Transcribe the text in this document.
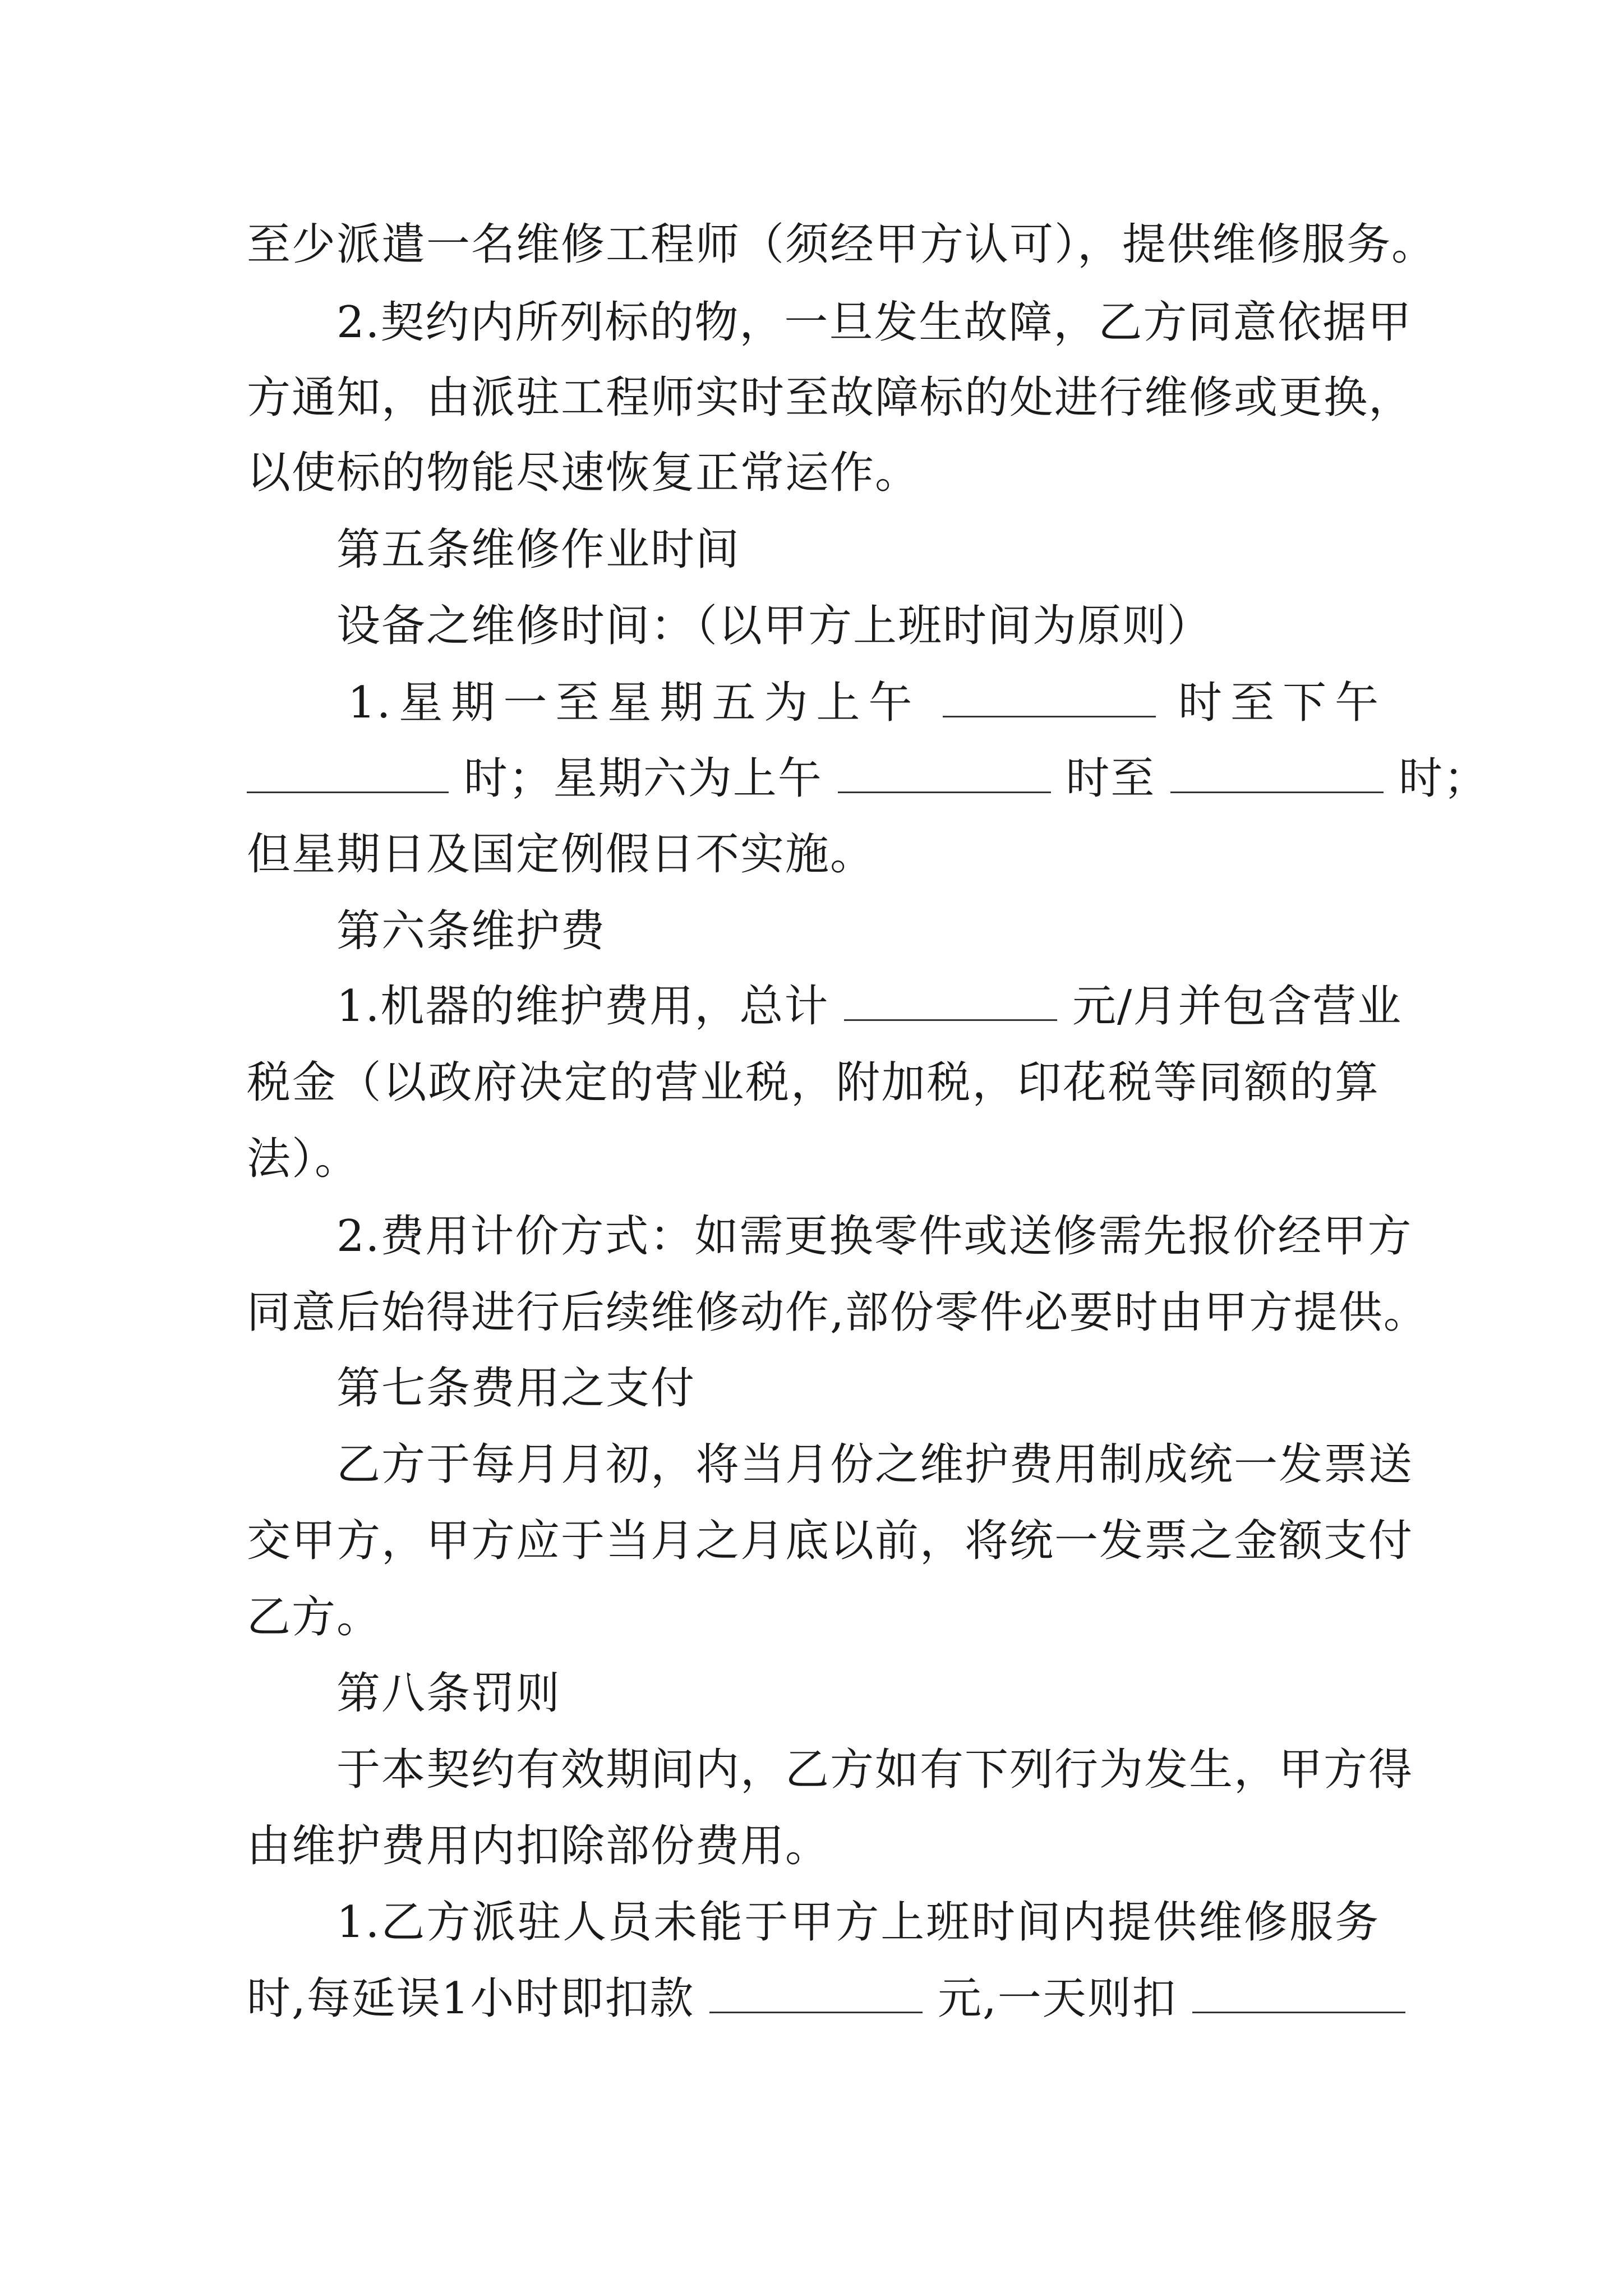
至少派遣一名维修工程师（须经甲方认可），提供维修服务。
2.契约内所列标的物，一旦发生故障，乙方同意依据甲
方通知，由派驻工程师实时至故障标的处进行维修或更换，
以使标的物能尽速恢复正常运作。
第五条维修作业时间
设备之维修时间：（以甲方上班时间为原则）
1.星期一至星期五为上午	时至下午
时；星期六为上午	时至	时；
但星期日及国定例假日不实施。
第六条维护费
1.机器的维护费用，总计	元/月并包含营业
税金（以政府决定的营业税，附加税，印花税等同额的算
法）。
2.费用计价方式：如需更换零件或送修需先报价经甲方
同意后始得进行后续维修动作,部份零件必要时由甲方提供。
第七条费用之支付
乙方于每月月初，将当月份之维护费用制成统一发票送
交甲方，甲方应于当月之月底以前，将统一发票之金额支付
乙方。
第八条罚则
于本契约有效期间内，乙方如有下列行为发生，甲方得
由维护费用内扣除部份费用。
1.乙方派驻人员未能于甲方上班时间内提供维修服务
时,每延误1小时即扣款	元,一天则扣
